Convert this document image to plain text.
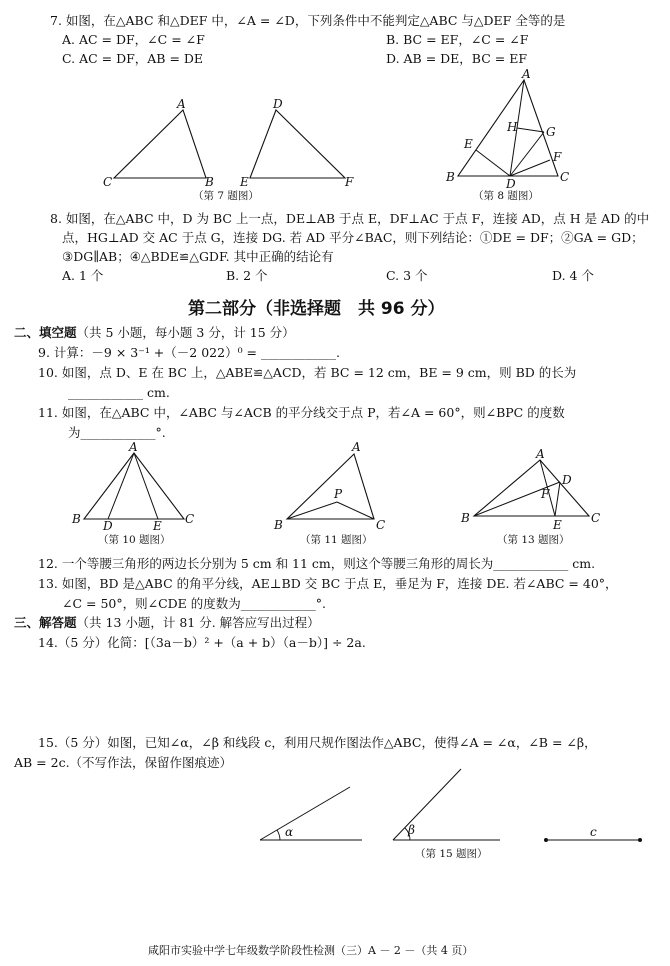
7. 如图，在△ABC 和△DEF 中，∠A = ∠D，下列条件中不能判定△ABC 与△DEF 全等的是
A. AC = DF，∠C = ∠F	B. BC = EF，∠C = ∠F
C. AC = DF，AB = DE	D. AB = DE，BC = EF
A
C	B
D
E	F
（第 7 题图）
A
H G
E
F
B	D	C
（第 8 题图）
8. 如图，在△ABC 中，D 为 BC 上一点，DE⊥AB 于点 E，DF⊥AC 于点 F，连接 AD，点 H 是 AD 的中
点，HG⊥AD 交 AC 于点 G，连接 DG. 若 AD 平分∠BAC，则下列结论：①DE = DF；②GA = GD；
③DG∥AB；④△BDE≌△GDF. 其中正确的结论有
A. 1 个	B. 2 个	C. 3 个	D. 4 个
第二部分（非选择题　共 96 分）
二、填空题（共 5 小题，每小题 3 分，计 15 分）
9. 计算：－9 × 3⁻¹ +（－2 022）⁰ = ____________.
10. 如图，点 D、E 在 BC 上，△ABE≌△ACD，若 BC = 12 cm，BE = 9 cm，则 BD 的长为
____________ cm.
11. 如图，在△ABC 中，∠ABC 与∠ACB 的平分线交于点 P，若∠A = 60°，则∠BPC 的度数
为____________°.
A
B D	E C
（第 10 题图）
A
P
B	C
（第 11 题图）
A
D
F
B	E C
（第 13 题图）
12. 一个等腰三角形的两边长分别为 5 cm 和 11 cm，则这个等腰三角形的周长为____________ cm.
13. 如图，BD 是△ABC 的角平分线，AE⊥BD 交 BC 于点 E，垂足为 F，连接 DE. 若∠ABC = 40°，
∠C = 50°，则∠CDE 的度数为____________°.
三、解答题（共 13 小题，计 81 分. 解答应写出过程）
14.（5 分）化简：[（3a－b）² +（a + b）（a－b）] ÷ 2a.
15.（5 分）如图，已知∠α，∠β 和线段 c，利用尺规作图法作△ABC，使得∠A = ∠α，∠B = ∠β，
AB = 2c.（不写作法，保留作图痕迹）
α	β
（第 15 题图）
c
咸阳市实验中学七年级数学阶段性检测（三）A － 2 －（共 4 页）
